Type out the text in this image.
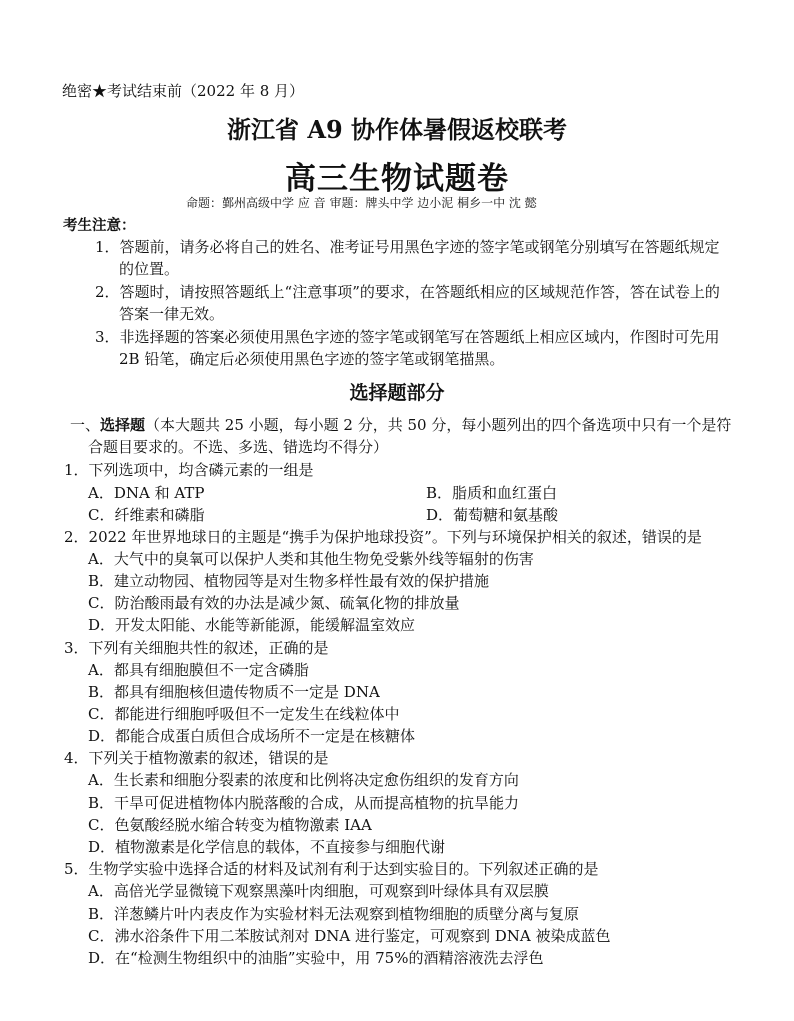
绝密★考试结束前（2022 年 8 月）
浙江省 A9 协作体暑假返校联考
高三生物试题卷
命题：鄞州高级中学 应 音 审题：牌头中学 边小泥 桐乡一中 沈 懿
考生注意：
1．答题前，请务必将自己的姓名、准考证号用黑色字迹的签字笔或钢笔分别填写在答题纸规定
的位置。
2．答题时，请按照答题纸上“注意事项”的要求，在答题纸相应的区域规范作答，答在试卷上的
答案一律无效。
3．非选择题的答案必须使用黑色字迹的签字笔或钢笔写在答题纸上相应区域内，作图时可先用
2B 铅笔，确定后必须使用黑色字迹的签字笔或钢笔描黑。
选择题部分
一、选择题（本大题共 25 小题，每小题 2 分，共 50 分，每小题列出的四个备选项中只有一个是符
合题目要求的。不选、多选、错选均不得分）
1．下列选项中，均含磷元素的一组是
A．DNA 和 ATP	B．脂质和血红蛋白
C．纤维素和磷脂	D．葡萄糖和氨基酸
2．2022 年世界地球日的主题是“携手为保护地球投资”。下列与环境保护相关的叙述，错误的是
A．大气中的臭氧可以保护人类和其他生物免受紫外线等辐射的伤害
B．建立动物园、植物园等是对生物多样性最有效的保护措施
C．防治酸雨最有效的办法是减少氮、硫氧化物的排放量
D．开发太阳能、水能等新能源，能缓解温室效应
3．下列有关细胞共性的叙述，正确的是
A．都具有细胞膜但不一定含磷脂
B．都具有细胞核但遗传物质不一定是 DNA
C．都能进行细胞呼吸但不一定发生在线粒体中
D．都能合成蛋白质但合成场所不一定是在核糖体
4．下列关于植物激素的叙述，错误的是
A．生长素和细胞分裂素的浓度和比例将决定愈伤组织的发育方向
B．干旱可促进植物体内脱落酸的合成，从而提高植物的抗旱能力
C．色氨酸经脱水缩合转变为植物激素 IAA
D．植物激素是化学信息的载体，不直接参与细胞代谢
5．生物学实验中选择合适的材料及试剂有利于达到实验目的。下列叙述正确的是
A．高倍光学显微镜下观察黑藻叶肉细胞，可观察到叶绿体具有双层膜
B．洋葱鳞片叶内表皮作为实验材料无法观察到植物细胞的质壁分离与复原
C．沸水浴条件下用二苯胺试剂对 DNA 进行鉴定，可观察到 DNA 被染成蓝色
D．在“检测生物组织中的油脂”实验中，用 75%的酒精溶液洗去浮色
